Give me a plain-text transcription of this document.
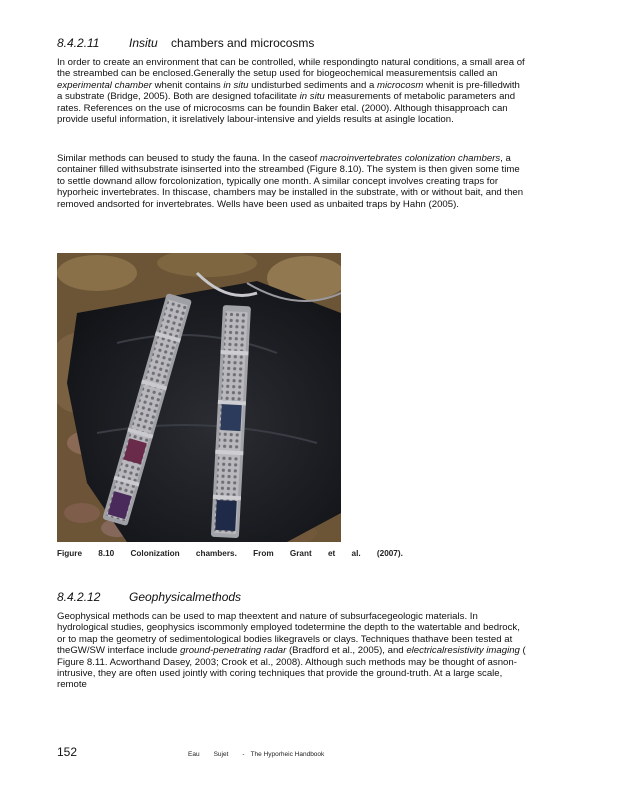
8.4.2.11 Insitu chambers and microcosms

In order to create an environment that can be controlled, while respondingto natural conditions, a small area of the streambed can be enclosed.Generally the setup used for biogeochemical measurementsis called an experimental chamber whenit contains in situ undisturbed sediments and a microcosm whenit is pre-filledwith a substrate (Bridge, 2005). Both are designed tofacilitate in situ measurements of metabolic parameters and rates. References on the use of microcosms can be foundin Baker etal. (2000). Although thisapproach can provide useful information, it isrelatively labour-intensive and yields results at asingle location.

Similar methods can beused to study the fauna. In the caseof macroinvertebrates colonization chambers, a container filled withsubstrate isinserted into the streambed (Figure 8.10). The system is then given some time to settle downand allow forcolonization, typically one month. A similar concept involves creating traps for hyporheic invertebrates. In thiscase, chambers may be installed in the substrate, with or without bait, and then removed andsorted for invertebrates. Wells have been used as unbaited traps by Hahn (2005).

Figure 8.10 Colonization chambers. From Grant et al. (2007).
8.4.2.12 Geophysicalmethods

Geophysical methods can be used to map theextent and nature of subsurfacegeologic materials. In hydrological studies, geophysics iscommonly employed todetermine the depth to the watertable and bedrock, or to map the geometry of sedimentological bodies likegravels or clays. Techniques thathave been tested at theGW/SW interface include ground-penetrating radar (Bradford et al., 2005), and electricalresistivity imaging ( Figure 8.11. Acworthand Dasey, 2003; Crook et al., 2008). Although such methods may be thought of asnon-intrusive, they are often used jointly with coring techniques that provide the ground-truth. At a large scale, remote

152	Eau Sujet - The Hyporheic Handbook
